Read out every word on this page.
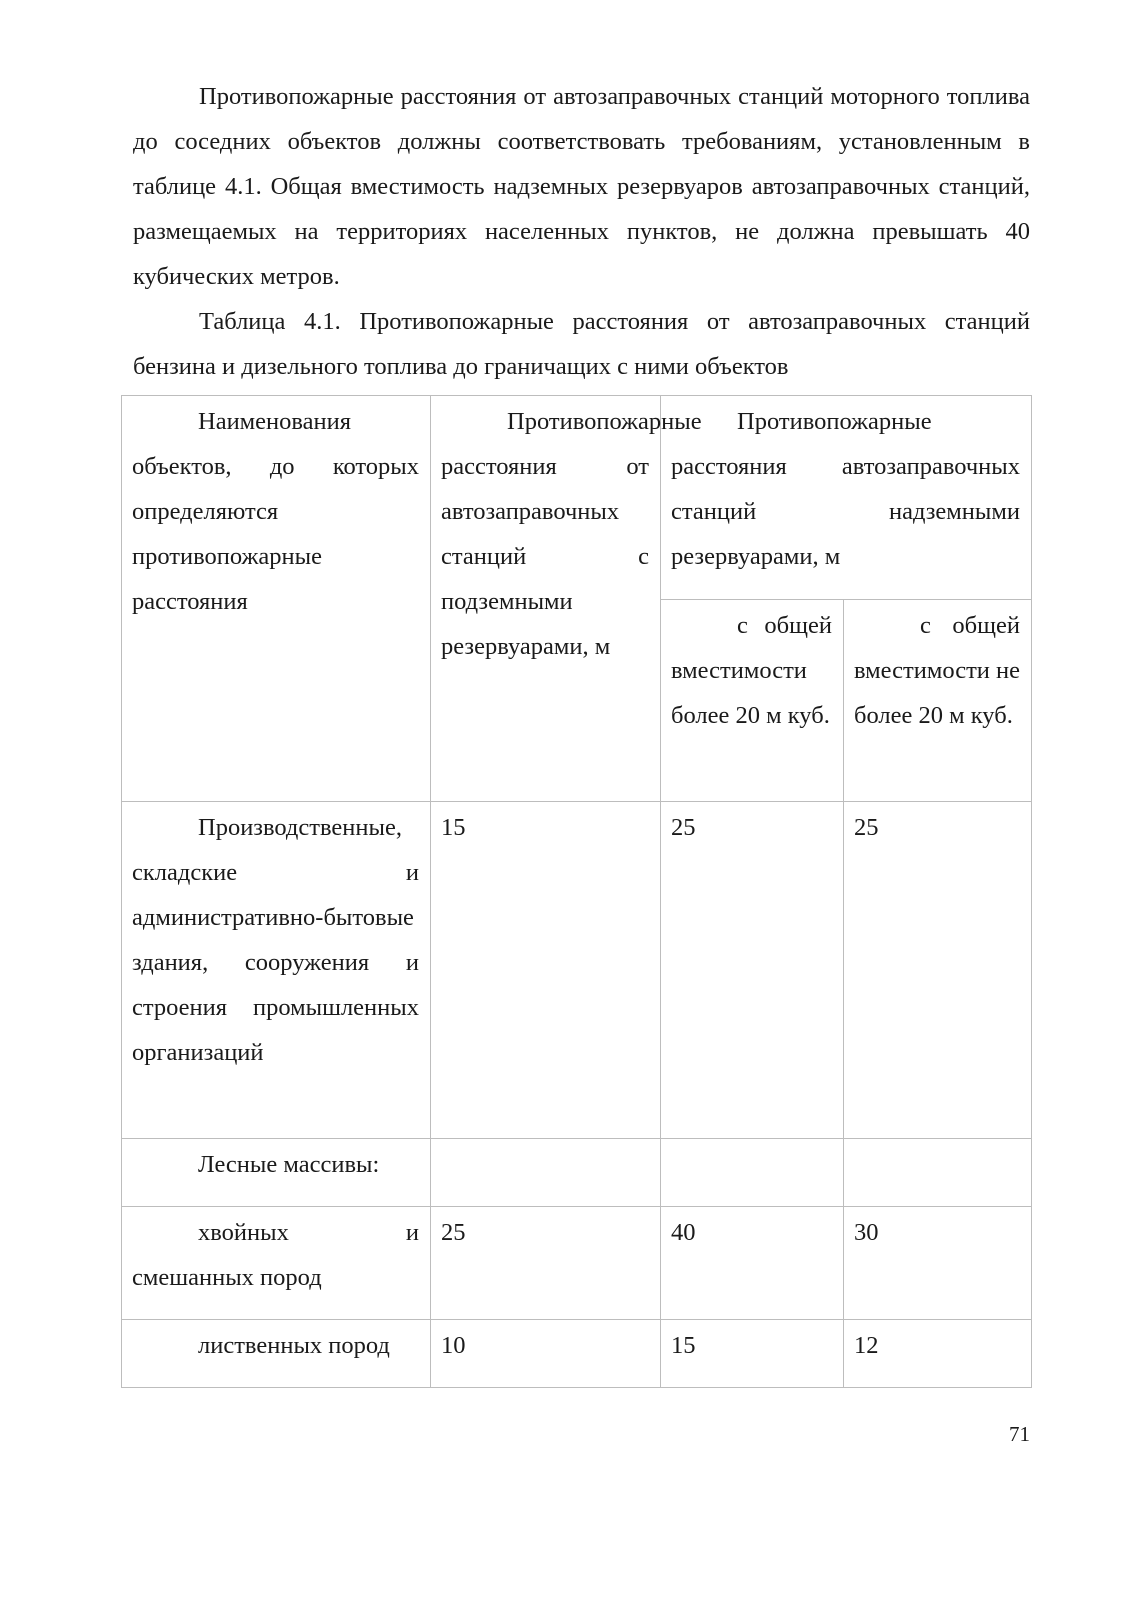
Противопожарные расстояния от автозаправочных станций моторного топлива до соседних объектов должны соответствовать требованиям, установленным в таблице 4.1. Общая вместимость надземных резервуаров автозаправочных станций, размещаемых на территориях населенных пунктов, не должна превышать 40 кубических метров.

Таблица 4.1. Противопожарные расстояния от автозаправочных станций бензина и дизельного топлива до граничащих с ними объектов

Наименования объектов, до которых определяются противопожарные расстояния	Противопожарные расстояния от автозаправочных станций с подземными резервуарами, м	Противопожарные расстояния автозаправочных станций надземными резервуарами, м	
		с общей вместимости более 20 м куб.	с общей вместимости не более 20 м куб.
Производственные, складские и административно-бытовые здания, сооружения и строения промышленных организаций	15	25	25
Лесные массивы:			
хвойных и смешанных пород	25	40	30
лиственных пород	10	15	12
71
